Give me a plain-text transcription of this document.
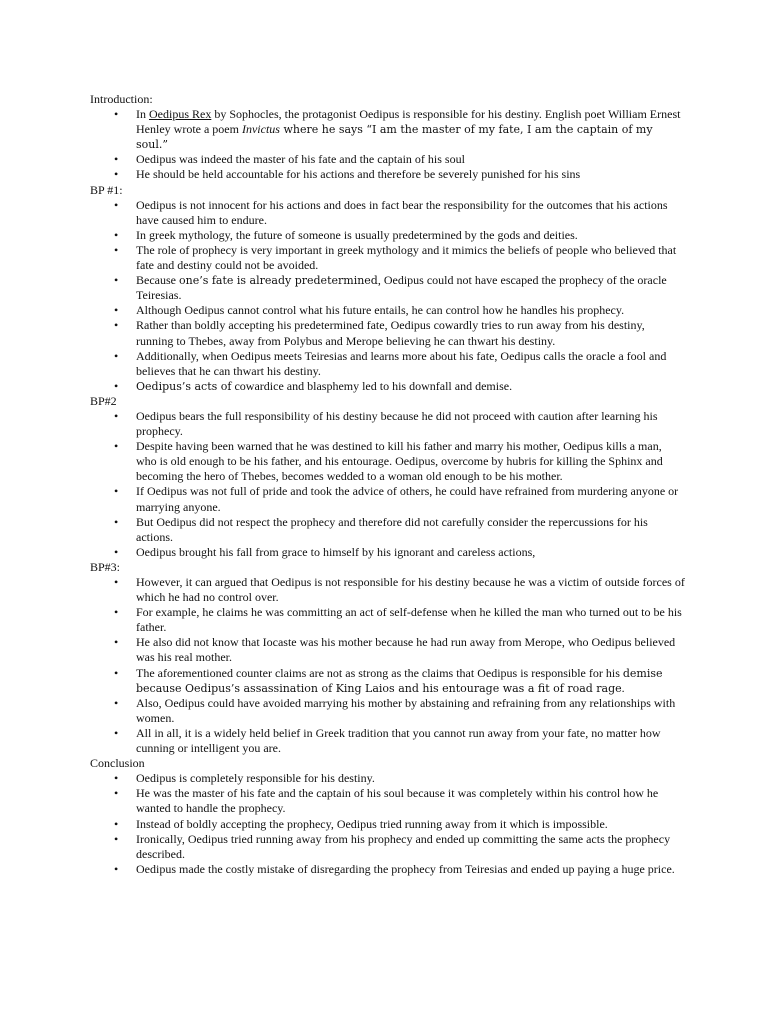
Introduction:

• In Oedipus Rex by Sophocles, the protagonist Oedipus is responsible for his destiny. English poet William Ernest Henley wrote a poem Invictus where he says “I am the master of my fate, I am the captain of my soul.”
• Oedipus was indeed the master of his fate and the captain of his soul
• He should be held accountable for his actions and therefore be severely punished for his sins

BP #1:

• Oedipus is not innocent for his actions and does in fact bear the responsibility for the outcomes that his actions have caused him to endure.
• In greek mythology, the future of someone is usually predetermined by the gods and deities.
• The role of prophecy is very important in greek mythology and it mimics the beliefs of people who believed that fate and destiny could not be avoided.
• Because one’s fate is already predetermined, Oedipus could not have escaped the prophecy of the oracle Teiresias.
• Although Oedipus cannot control what his future entails, he can control how he handles his prophecy.
• Rather than boldly accepting his predetermined fate, Oedipus cowardly tries to run away from his destiny, running to Thebes, away from Polybus and Merope believing he can thwart his destiny.
• Additionally, when Oedipus meets Teiresias and learns more about his fate, Oedipus calls the oracle a fool and believes that he can thwart his destiny.
• Oedipus’s acts of cowardice and blasphemy led to his downfall and demise.

BP#2

• Oedipus bears the full responsibility of his destiny because he did not proceed with caution after learning his prophecy.
• Despite having been warned that he was destined to kill his father and marry his mother, Oedipus kills a man, who is old enough to be his father, and his entourage. Oedipus, overcome by hubris for killing the Sphinx and becoming the hero of Thebes, becomes wedded to a woman old enough to be his mother.
• If Oedipus was not full of pride and took the advice of others, he could have refrained from murdering anyone or marrying anyone.
• But Oedipus did not respect the prophecy and therefore did not carefully consider the repercussions for his actions.
• Oedipus brought his fall from grace to himself by his ignorant and careless actions,

BP#3:

• However, it can argued that Oedipus is not responsible for his destiny because he was a victim of outside forces of which he had no control over.
• For example, he claims he was committing an act of self-defense when he killed the man who turned out to be his father.
• He also did not know that Iocaste was his mother because he had run away from Merope, who Oedipus believed was his real mother.
• The aforementioned counter claims are not as strong as the claims that Oedipus is responsible for his demise because Oedipus’s assassination of King Laios and his entourage was a fit of road rage.
• Also, Oedipus could have avoided marrying his mother by abstaining and refraining from any relationships with women.
• All in all, it is a widely held belief in Greek tradition that you cannot run away from your fate, no matter how cunning or intelligent you are.

Conclusion

• Oedipus is completely responsible for his destiny.
• He was the master of his fate and the captain of his soul because it was completely within his control how he wanted to handle the prophecy.
• Instead of boldly accepting the prophecy, Oedipus tried running away from it which is impossible.
• Ironically, Oedipus tried running away from his prophecy and ended up committing the same acts the prophecy described.
• Oedipus made the costly mistake of disregarding the prophecy from Teiresias and ended up paying a huge price.
